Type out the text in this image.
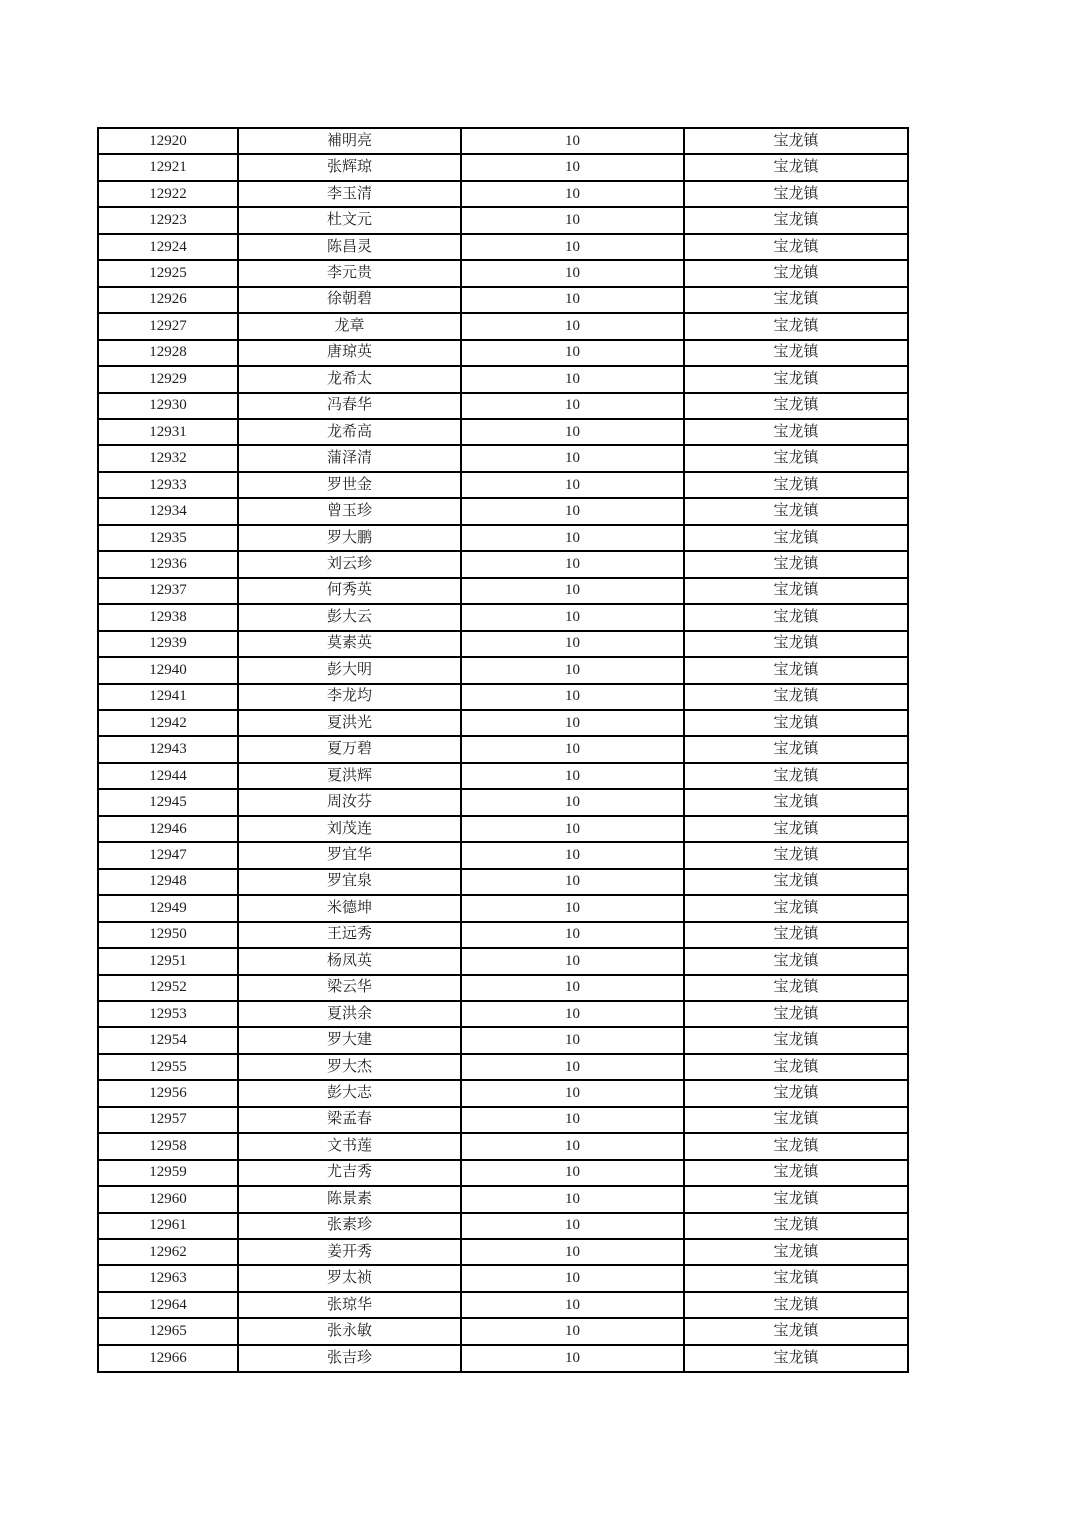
12920	補明亮	10	宝龙镇
12921	张辉琼	10	宝龙镇
12922	李玉清	10	宝龙镇
12923	杜文元	10	宝龙镇
12924	陈昌灵	10	宝龙镇
12925	李元贵	10	宝龙镇
12926	徐朝碧	10	宝龙镇
12927	龙章	10	宝龙镇
12928	唐琼英	10	宝龙镇
12929	龙希太	10	宝龙镇
12930	冯春华	10	宝龙镇
12931	龙希高	10	宝龙镇
12932	蒲泽清	10	宝龙镇
12933	罗世金	10	宝龙镇
12934	曾玉珍	10	宝龙镇
12935	罗大鹏	10	宝龙镇
12936	刘云珍	10	宝龙镇
12937	何秀英	10	宝龙镇
12938	彭大云	10	宝龙镇
12939	莫素英	10	宝龙镇
12940	彭大明	10	宝龙镇
12941	李龙均	10	宝龙镇
12942	夏洪光	10	宝龙镇
12943	夏万碧	10	宝龙镇
12944	夏洪辉	10	宝龙镇
12945	周汝芬	10	宝龙镇
12946	刘茂连	10	宝龙镇
12947	罗宜华	10	宝龙镇
12948	罗宜泉	10	宝龙镇
12949	米德坤	10	宝龙镇
12950	王远秀	10	宝龙镇
12951	杨凤英	10	宝龙镇
12952	梁云华	10	宝龙镇
12953	夏洪余	10	宝龙镇
12954	罗大建	10	宝龙镇
12955	罗大杰	10	宝龙镇
12956	彭大志	10	宝龙镇
12957	梁孟春	10	宝龙镇
12958	文书莲	10	宝龙镇
12959	尤吉秀	10	宝龙镇
12960	陈景素	10	宝龙镇
12961	张素珍	10	宝龙镇
12962	姜开秀	10	宝龙镇
12963	罗太祯	10	宝龙镇
12964	张琼华	10	宝龙镇
12965	张永敏	10	宝龙镇
12966	张吉珍	10	宝龙镇
